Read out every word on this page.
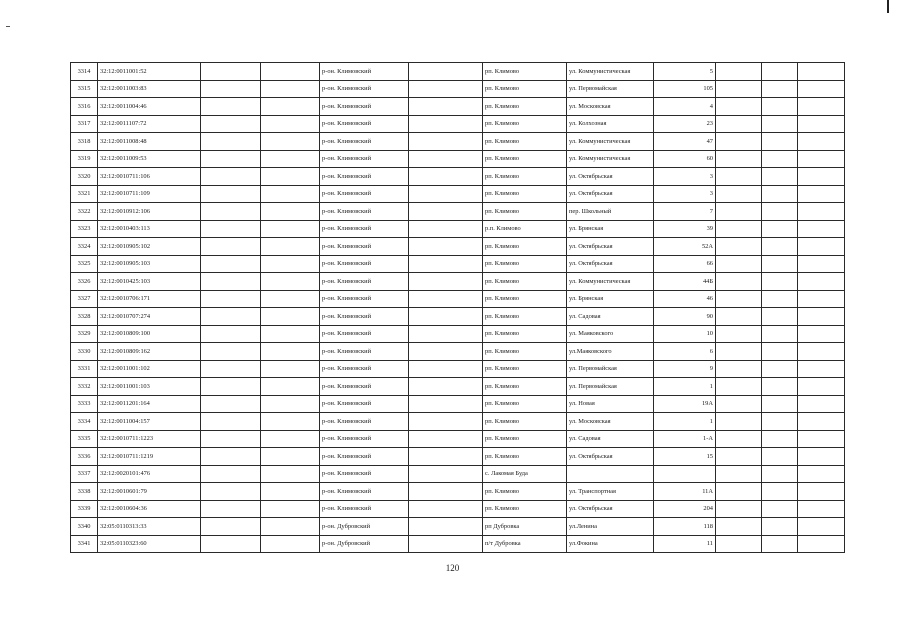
3314	32:12:0011001:52			р-он. Климовский		рп. Климово	ул. Коммунистическая	5			
3315	32:12:0011003:83			р-он. Климовский		рп. Климово	ул. Первомайская	105			
3316	32:12:0011004:46			р-он. Климовский		рп. Климово	ул. Московская	4			
3317	32:12:0011107:72			р-он. Климовский		рп. Климово	ул. Колхозная	23			
3318	32:12:0011008:48			р-он. Климовский		рп. Климово	ул. Коммунистическая	47			
3319	32:12:0011009:53			р-он. Климовский		рп. Климово	ул. Коммунистическая	60			
3320	32:12:0010711:106			р-он. Климовский		рп. Климово	ул. Октябрьская	3			
3321	32:12:0010711:109			р-он. Климовский		рп. Климово	ул. Октябрьская	3			
3322	32:12:0010912:106			р-он. Климовский		рп. Климово	пер. Школьный	7			
3323	32:12:0010403:113			р-он. Климовский		р.п. Климово	ул. Брянская	39			
3324	32:12:0010905:102			р-он. Климовский		рп. Климово	ул. Октябрьская	52А			
3325	32:12:0010905:103			р-он. Климовский		рп. Климово	ул. Октябрьская	66			
3326	32:12:0010425:103			р-он. Климовский		рп. Климово	ул. Коммунистическая	44Б			
3327	32:12:0010706:171			р-он. Климовский		рп. Климово	ул. Брянская	46			
3328	32:12:0010707:274			р-он. Климовский		рп. Климово	ул. Садовая	90			
3329	32:12:0010809:100			р-он. Климовский		рп. Климово	ул. Маяковского	10			
3330	32:12:0010809:162			р-он. Климовский		рп. Климово	ул.Маяковского	6			
3331	32:12:0011001:102			р-он. Климовский		рп. Климово	ул. Первомайская	9			
3332	32:12:0011001:103			р-он. Климовский		рп. Климово	ул. Первомайская	1			
3333	32:12:0011201:164			р-он. Климовский		рп. Климово	ул. Новая	19А			
3334	32:12:0011004:157			р-он. Климовский		рп. Климово	ул. Московская	1			
3335	32:12:0010711:1223			р-он. Климовский		рп. Климово	ул. Садовая	1-А			
3336	32:12:0010711:1219			р-он. Климовский		рп. Климово	ул. Октябрьская	15			
3337	32:12:0020101:476			р-он. Климовский		с. Лакомая Буда					
3338	32:12:0010601:79			р-он. Климовский		рп. Климово	ул. Транспортная	11А			
3339	32:12:0010604:36			р-он. Климовский		рп. Климово	ул. Октябрьская	204			
3340	32:05:0110313:33			р-он. Дубровский		рп Дубровка	ул.Ленина	118			
3341	32:05:0110323:60			р-он. Дубровский		п/т Дубровка	ул.Фокина	11			
120
